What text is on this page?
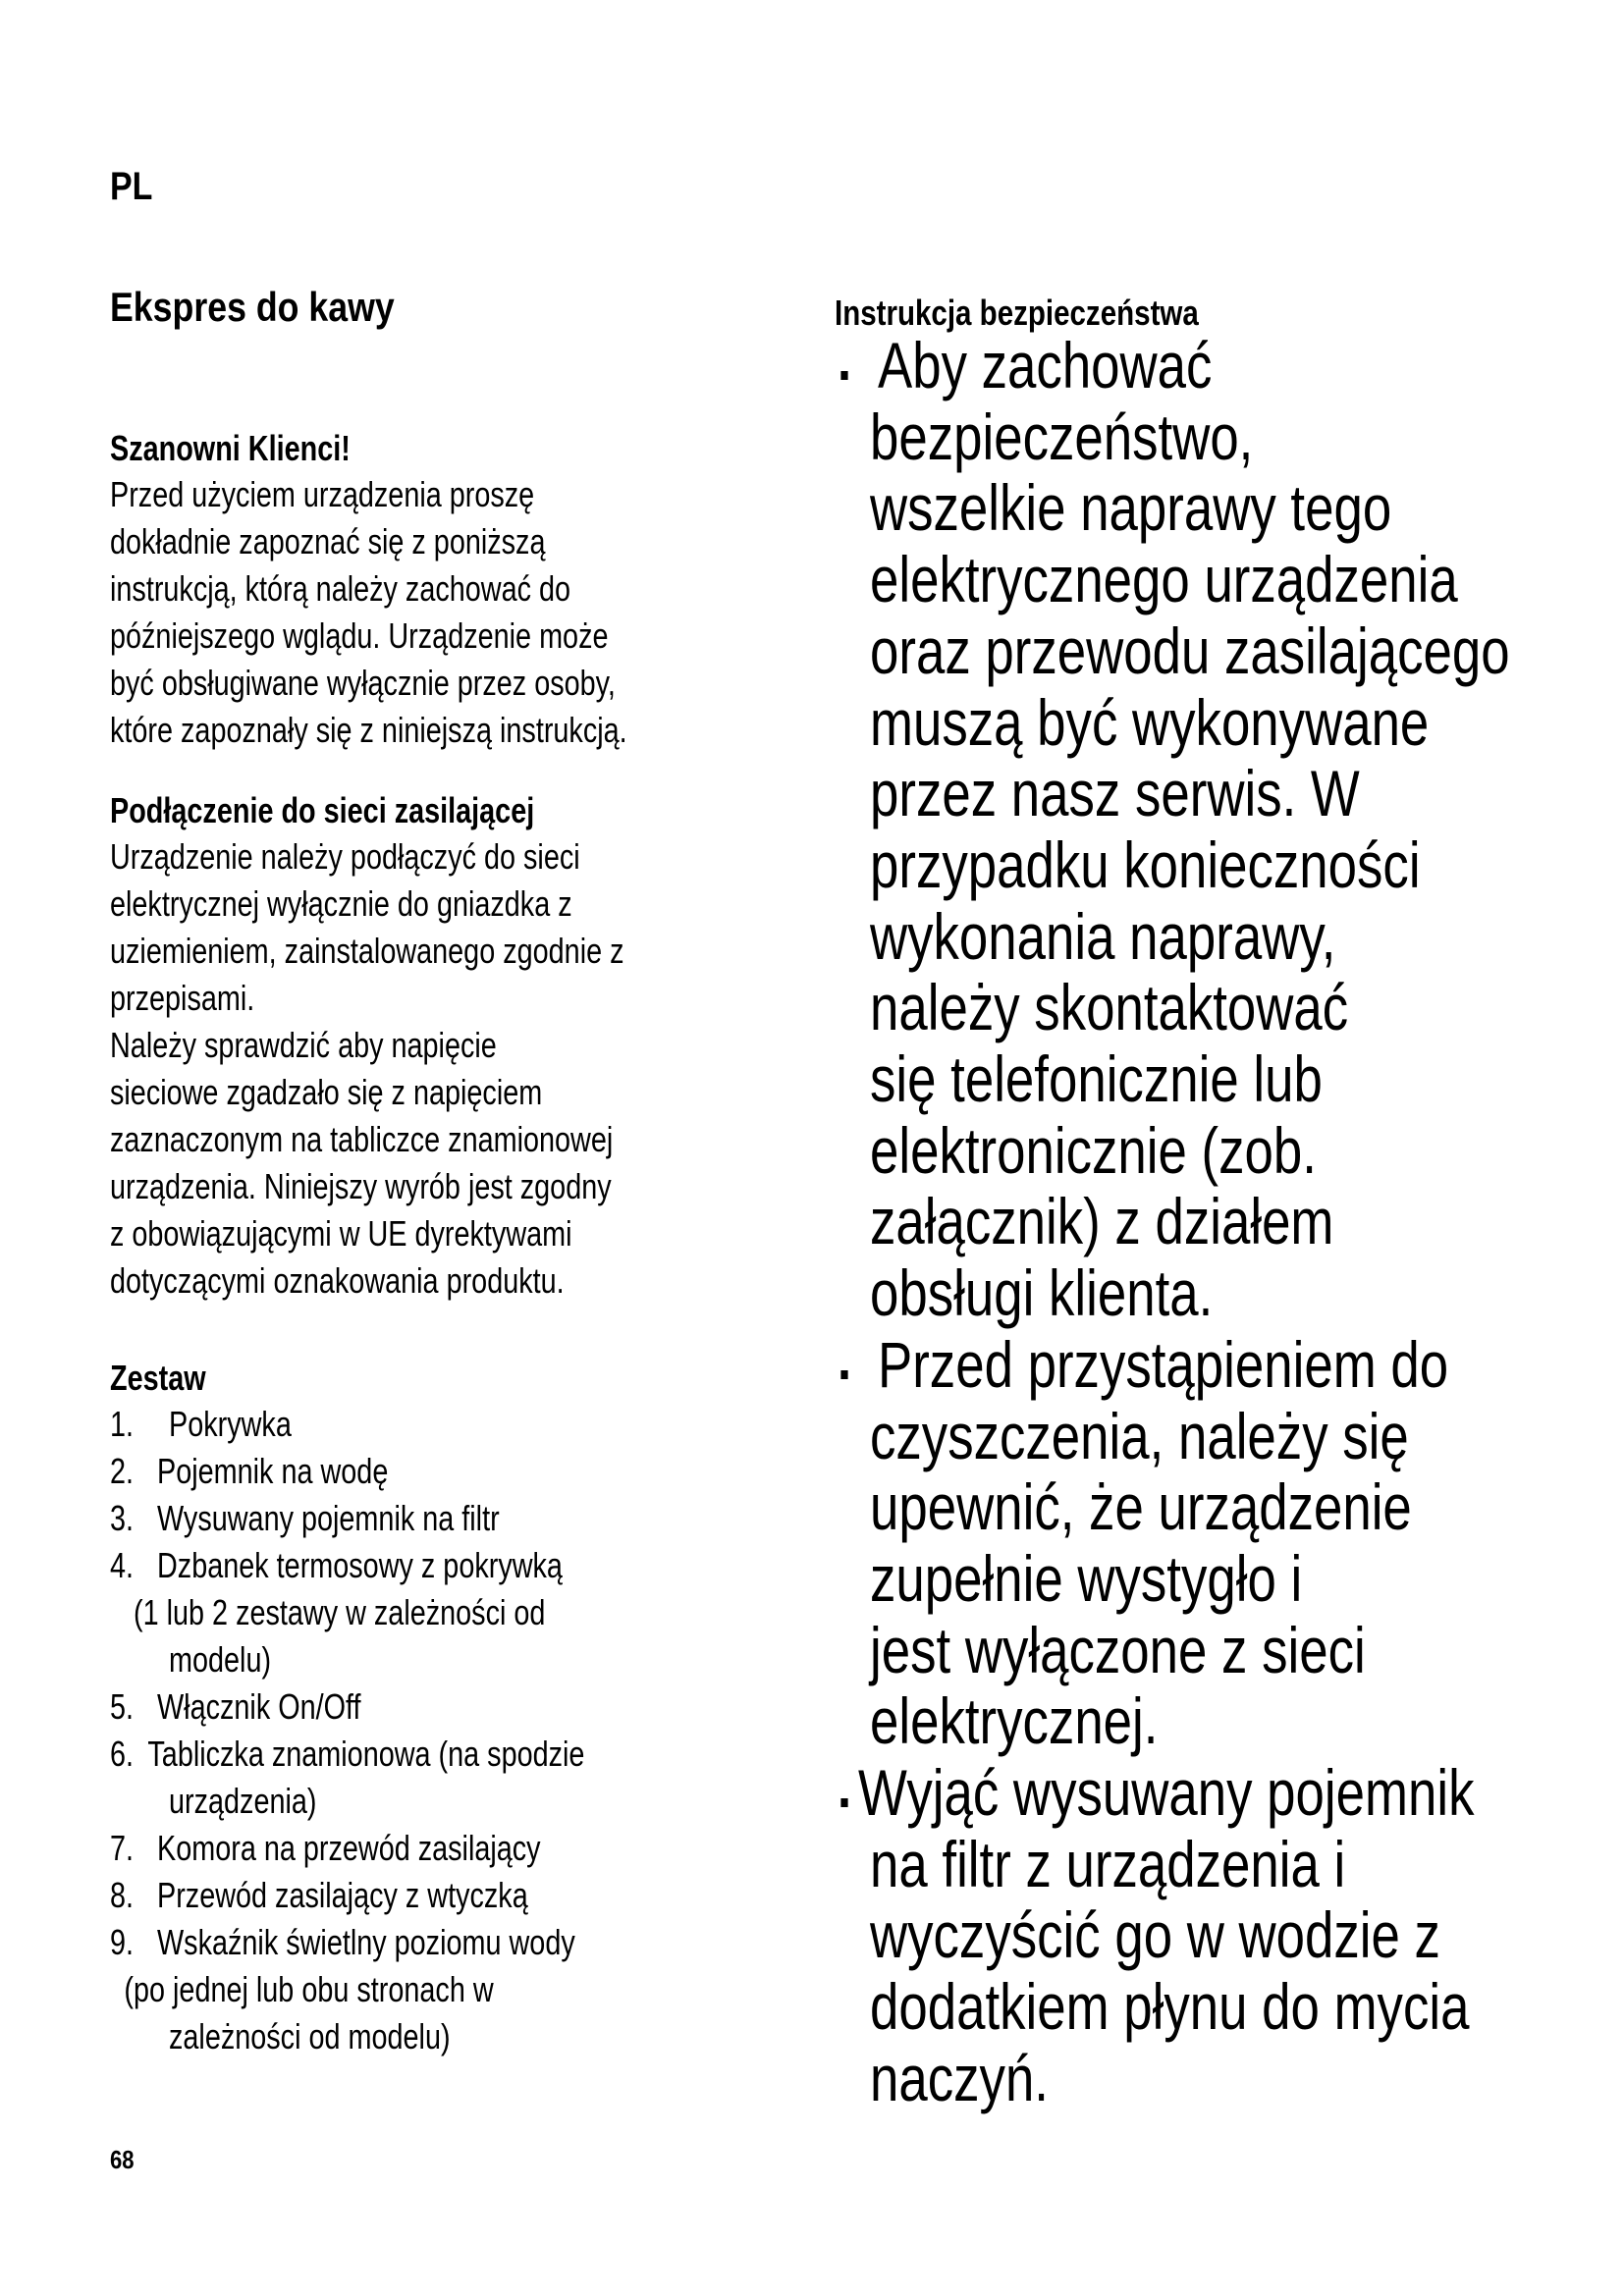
PL
Ekspres do kawy
Szanowni Klienci!
Przed użyciem urządzenia proszę
dokładnie zapoznać się z poniższą
instrukcją, którą należy zachować do
późniejszego wglądu. Urządzenie może
być obsługiwane wyłącznie przez osoby,
które zapoznały się z niniejszą instrukcją.
Podłączenie do sieci zasilającej
Urządzenie należy podłączyć do sieci
elektrycznej wyłącznie do gniazdka z
uziemieniem, zainstalowanego zgodnie z
przepisami.
Należy sprawdzić aby napięcie
sieciowe zgadzało się z napięciem
zaznaczonym na tabliczce znamionowej
urządzenia. Niniejszy wyrób jest zgodny
z obowiązującymi w UE dyrektywami
dotyczącymi oznakowania produktu.
Zestaw
1. Pokrywka
2. Pojemnik na wodę
3. Wysuwany pojemnik na filtr
4. Dzbanek termosowy z pokrywką
(1 lub 2 zestawy w zależności od
modelu)
5. Włącznik On/Off
6. Tabliczka znamionowa (na spodzie
urządzenia)
7. Komora na przewód zasilający
8. Przewód zasilający z wtyczką
9. Wskaźnik świetlny poziomu wody
(po jednej lub obu stronach w
zależności od modelu)
Instrukcja bezpieczeństwa
Aby zachować
bezpieczeństwo,
wszelkie naprawy tego
elektrycznego urządzenia
oraz przewodu zasilającego
muszą być wykonywane
przez nasz serwis. W
przypadku konieczności
wykonania naprawy,
należy skontaktować
się telefonicznie lub
elektronicznie (zob.
załącznik) z działem
obsługi klienta.
Przed przystąpieniem do
czyszczenia, należy się
upewnić, że urządzenie
zupełnie wystygło i
jest wyłączone z sieci
elektrycznej.
Wyjąć wysuwany pojemnik
na filtr z urządzenia i
wyczyścić go w wodzie z
dodatkiem płynu do mycia
naczyń.
68
